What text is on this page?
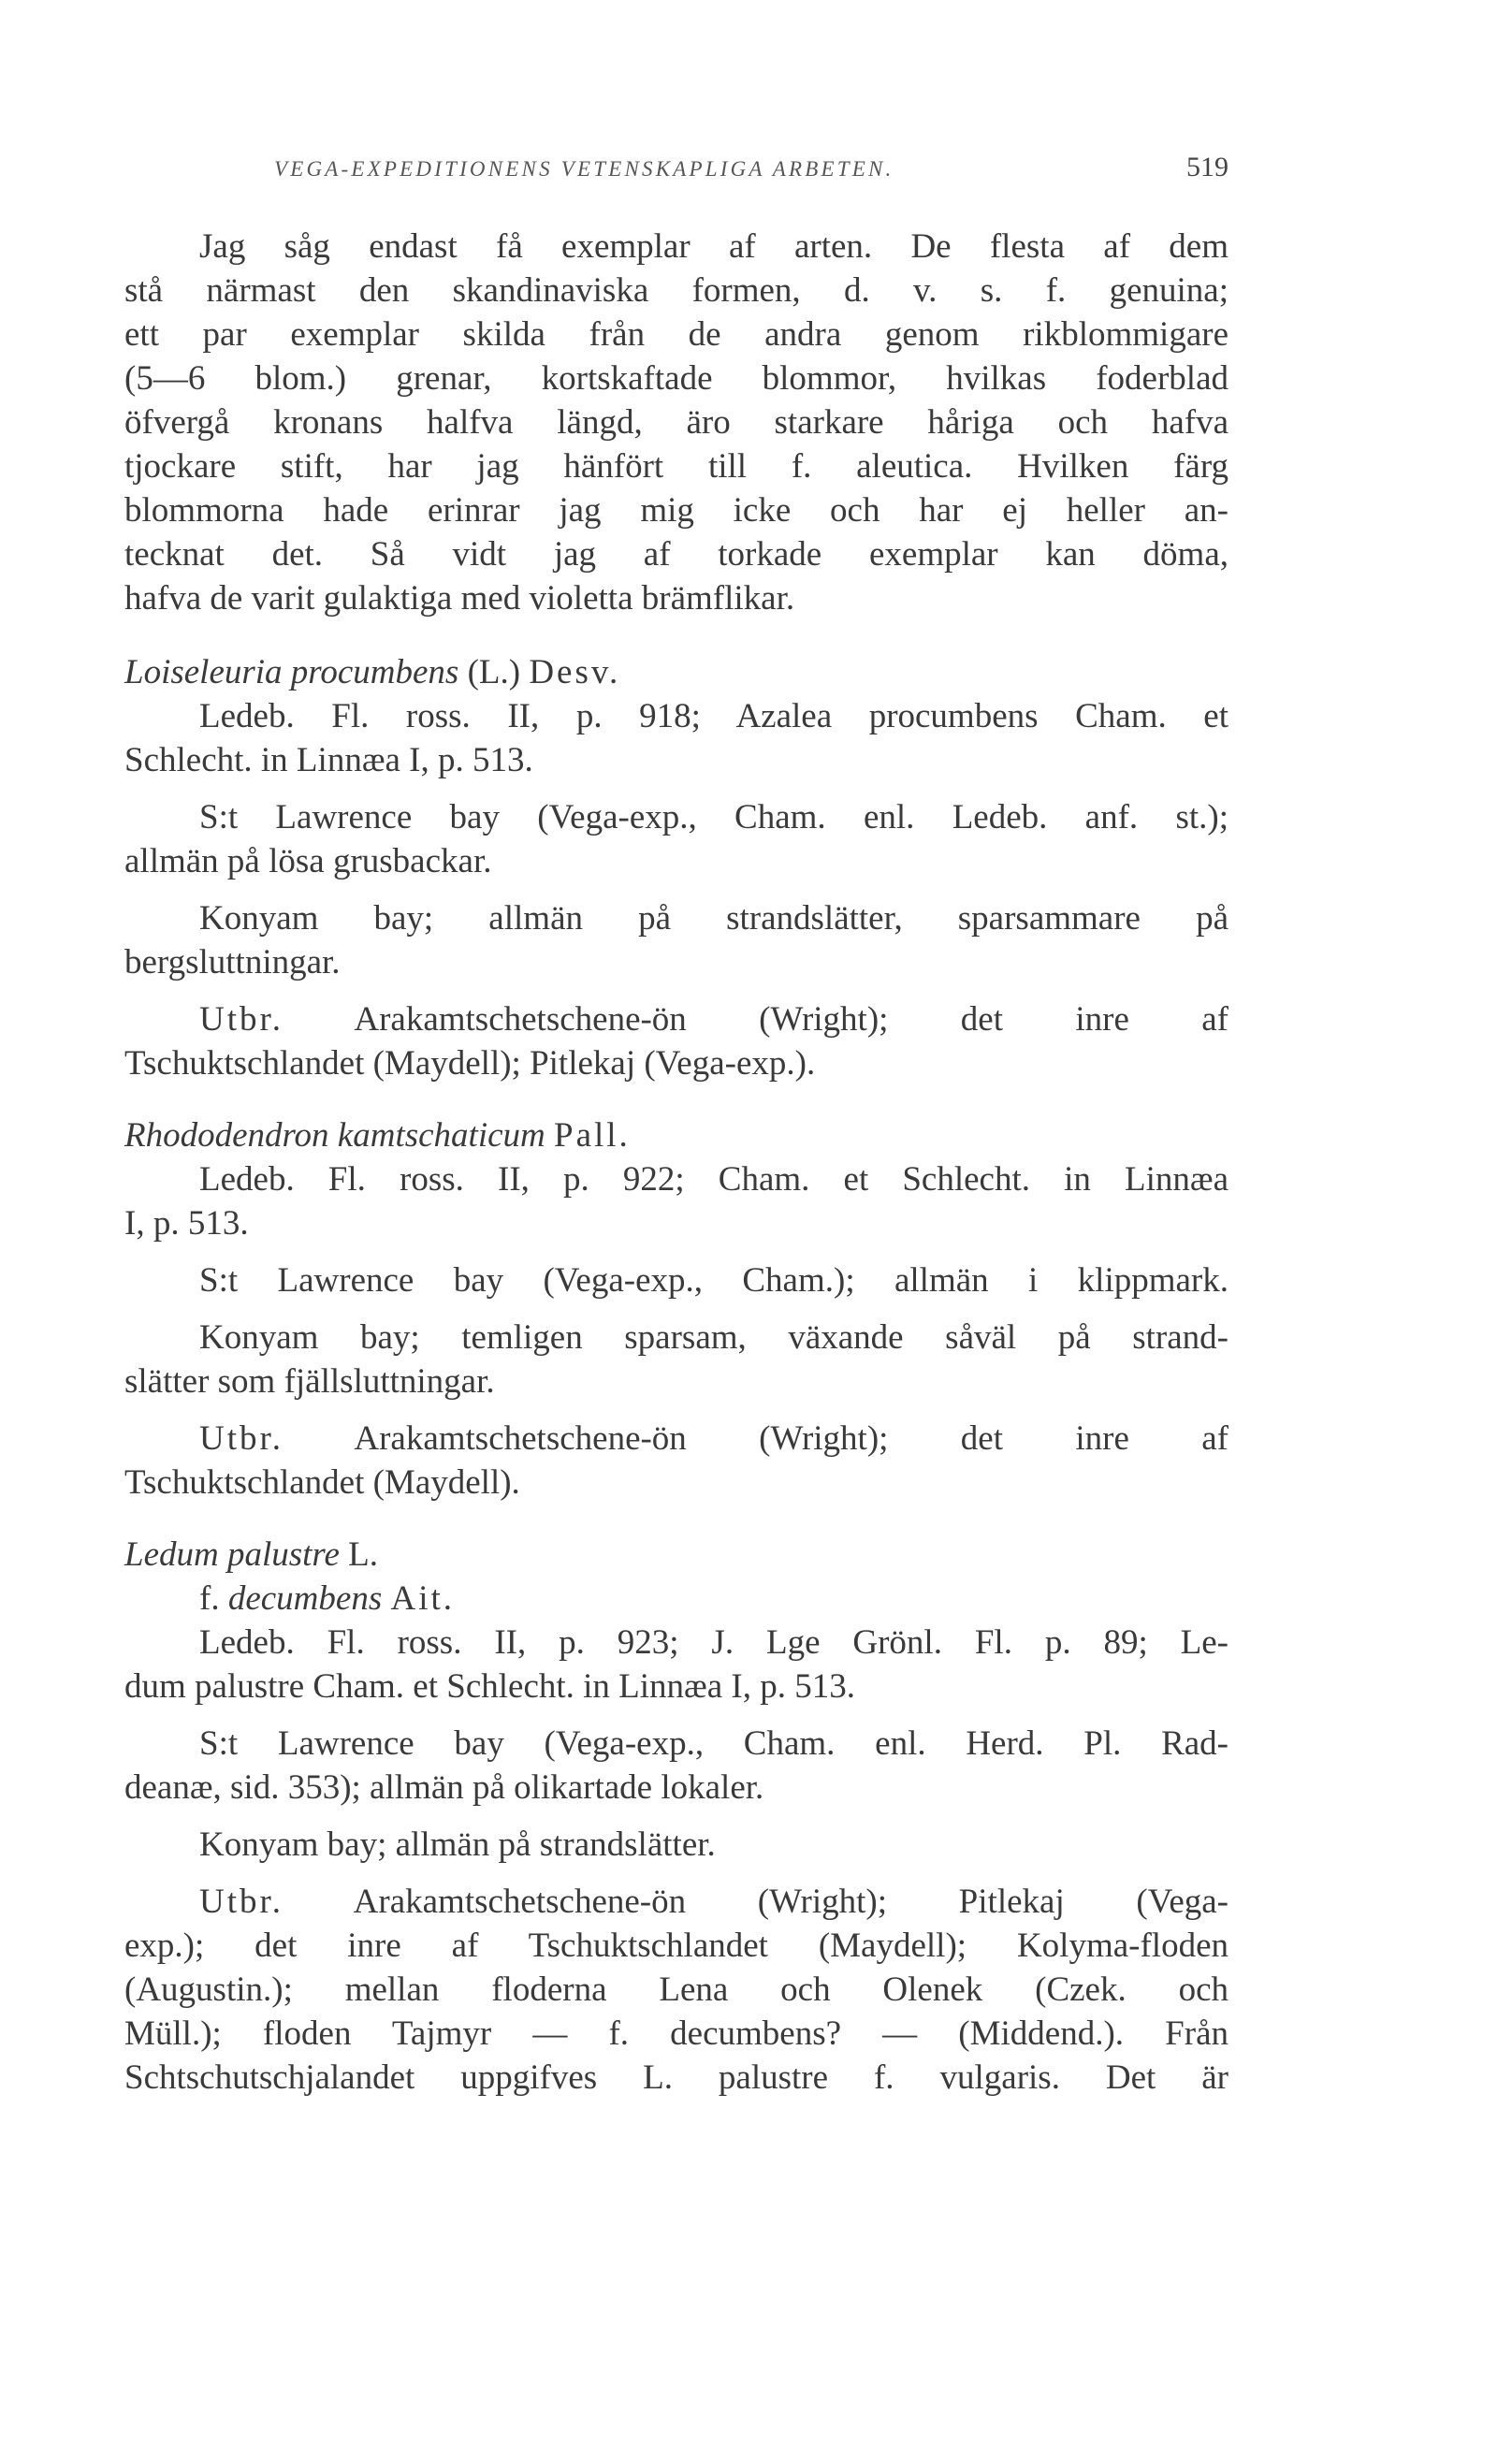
VEGA-EXPEDITIONENS VETENSKAPLIGA ARBETEN.	519
Jag såg endast få exemplar af arten. De flesta af dem
stå närmast den skandinaviska formen, d. v. s. f. genuina;
ett par exemplar skilda från de andra genom rikblommigare
(5—6 blom.) grenar, kortskaftade blommor, hvilkas foderblad
öfvergå kronans halfva längd, äro starkare håriga och hafva
tjockare stift, har jag hänfört till f. aleutica. Hvilken färg
blommorna hade erinrar jag mig icke och har ej heller an-
tecknat det. Så vidt jag af torkade exemplar kan döma,
hafva de varit gulaktiga med violetta brämflikar.
Loiseleuria procumbens (L.) Desv.
Ledeb. Fl. ross. II, p. 918; Azalea procumbens Cham. et
Schlecht. in Linnæa I, p. 513.
S:t Lawrence bay (Vega-exp., Cham. enl. Ledeb. anf. st.);
allmän på lösa grusbackar.
Konyam bay; allmän på strandslätter, sparsammare på
bergsluttningar.
Utbr. Arakamtschetschene-ön (Wright); det inre af
Tschuktschlandet (Maydell); Pitlekaj (Vega-exp.).
Rhododendron kamtschaticum Pall.
Ledeb. Fl. ross. II, p. 922; Cham. et Schlecht. in Linnæa
I, p. 513.
S:t Lawrence bay (Vega-exp., Cham.); allmän i klippmark.
Konyam bay; temligen sparsam, växande såväl på strand-
slätter som fjällsluttningar.
Utbr. Arakamtschetschene-ön (Wright); det inre af
Tschuktschlandet (Maydell).
Ledum palustre L.
f. decumbens Ait.
Ledeb. Fl. ross. II, p. 923; J. Lge Grönl. Fl. p. 89; Le-
dum palustre Cham. et Schlecht. in Linnæa I, p. 513.
S:t Lawrence bay (Vega-exp., Cham. enl. Herd. Pl. Rad-
deanæ, sid. 353); allmän på olikartade lokaler.
Konyam bay; allmän på strandslätter.
Utbr. Arakamtschetschene-ön (Wright); Pitlekaj (Vega-
exp.); det inre af Tschuktschlandet (Maydell); Kolyma-floden
(Augustin.); mellan floderna Lena och Olenek (Czek. och
Müll.); floden Tajmyr — f. decumbens? — (Middend.). Från
Schtschutschjalandet uppgifves L. palustre f. vulgaris. Det är
